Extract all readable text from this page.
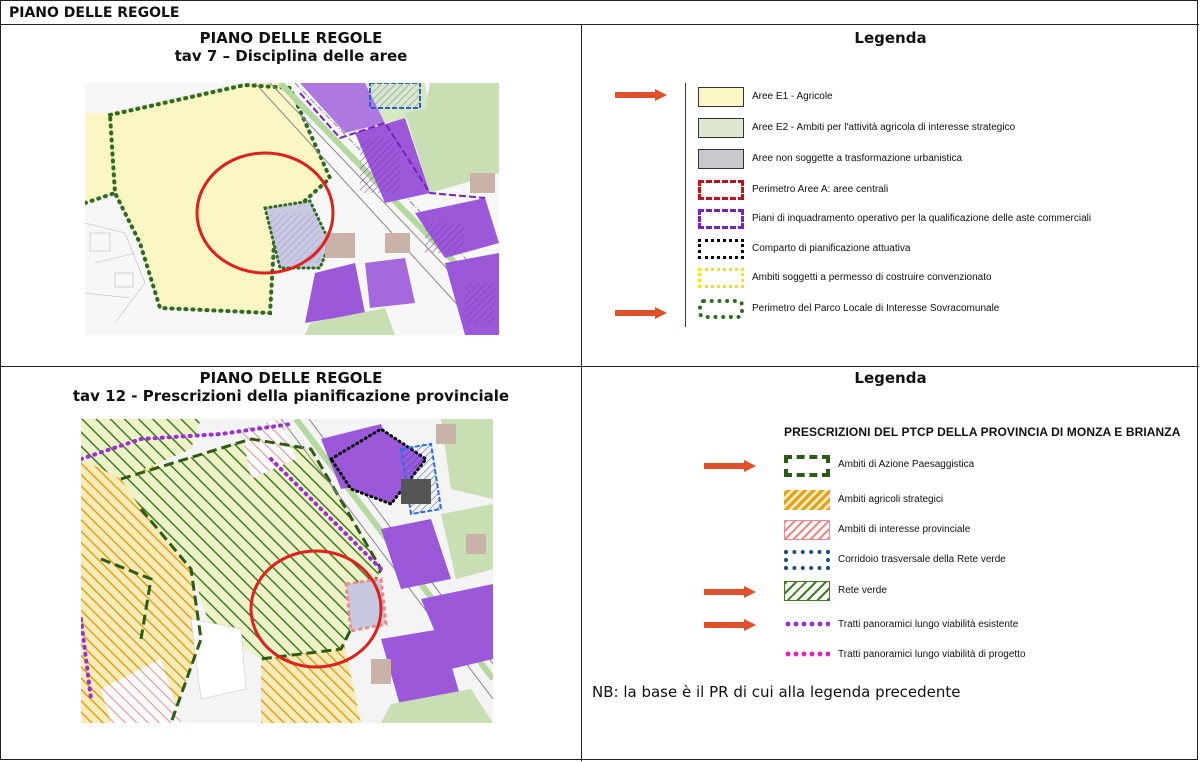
PIANO DELLE REGOLE
PIANO DELLE REGOLE
tav 7 – Disciplina delle aree
Legenda
Aree E1 - Agricole
Aree E2 - Ambiti per l'attività agricola di interesse strategico
Aree non soggette a trasformazione urbanistica
Perimetro Aree A: aree centrali
Piani di inquadramento operativo per la qualificazione delle aste commerciali
Comparto di pianificazione attuativa
Ambiti soggetti a permesso di costruire convenzionato
Perimetro del Parco Locale di Interesse Sovracomunale
PIANO DELLE REGOLE
tav 12 - Prescrizioni della pianificazione provinciale
Legenda
PRESCRIZIONI DEL PTCP DELLA PROVINCIA DI MONZA E BRIANZA
Ambiti di Azione Paesaggistica
Ambiti agricoli strategici
Ambiti di interesse provinciale
Corridoio trasversale della Rete verde
Rete verde
Tratti panoramici lungo viabilità esistente
Tratti panoramici lungo viabilità di progetto
NB: la base è il PR di cui alla legenda precedente
